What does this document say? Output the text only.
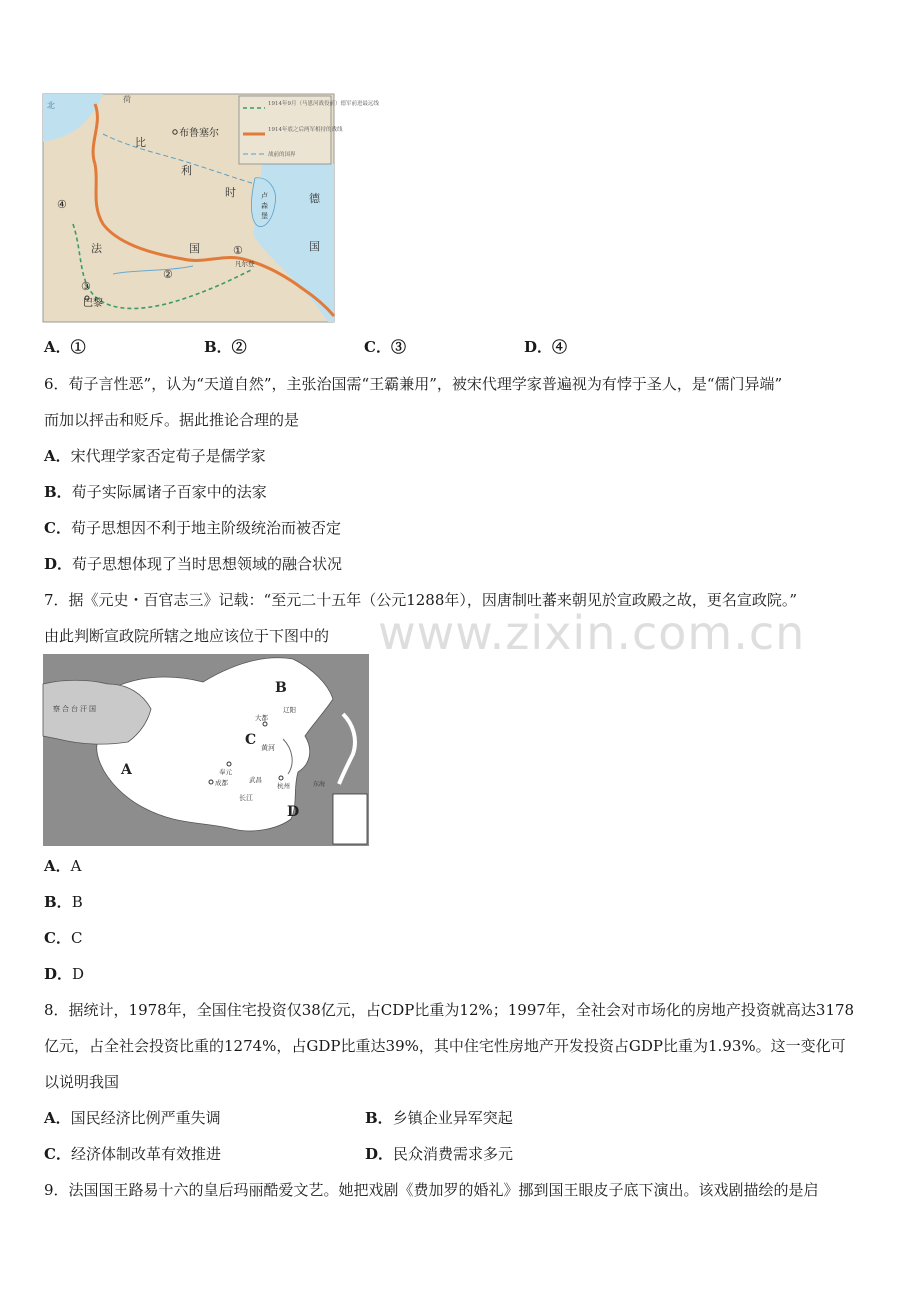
1914年9月（马恩河战役前）德军前进最远线
1914年底之后两军相持的战线
战前的国界
北
荷
布鲁塞尔
比
利
时	卢
森
堡
德
国
法	国	①
凡尔登
②
③
巴黎
④
A．①	B．②	C．③	D．④
6．荀子言性恶”，认为“天道自然”，主张治国需“王霸兼用”，被宋代理学家普遍视为有悖于圣人，是“儒门异端”
而加以抨击和贬斥。据此推论合理的是
A．宋代理学家否定荀子是儒学家
B．荀子实际属诸子百家中的法家
C．荀子思想因不利于地主阶级统治而被否定
D．荀子思想体现了当时思想领域的融合状况
7．据《元史・百官志三》记载：“至元二十五年（公元1288年），因唐制吐蕃来朝见於宣政殿之故，更名宣政院。”
由此判断宣政院所辖之地应该位于下图中的 www.zixin.com.cn
察合台汗国
A
B
C
D
大都
辽阳
黄河
奉元
成都	武昌
杭州
长江
东海
A．A
B．B
C．C
D．D
8．据统计，1978年，全国住宅投资仅38亿元，占CDP比重为12%；1997年，全社会对市场化的房地产投资就高达3178
亿元，占全社会投资比重的1274%，占GDP比重达39%，其中住宅性房地产开发投资占GDP比重为1.93%。这一变化可
以说明我国
A．国民经济比例严重失调	B．乡镇企业异军突起
C．经济体制改革有效推进	D．民众消费需求多元
9．法国国王路易十六的皇后玛丽酷爱文艺。她把戏剧《费加罗的婚礼》挪到国王眼皮子底下演出。该戏剧描绘的是启
